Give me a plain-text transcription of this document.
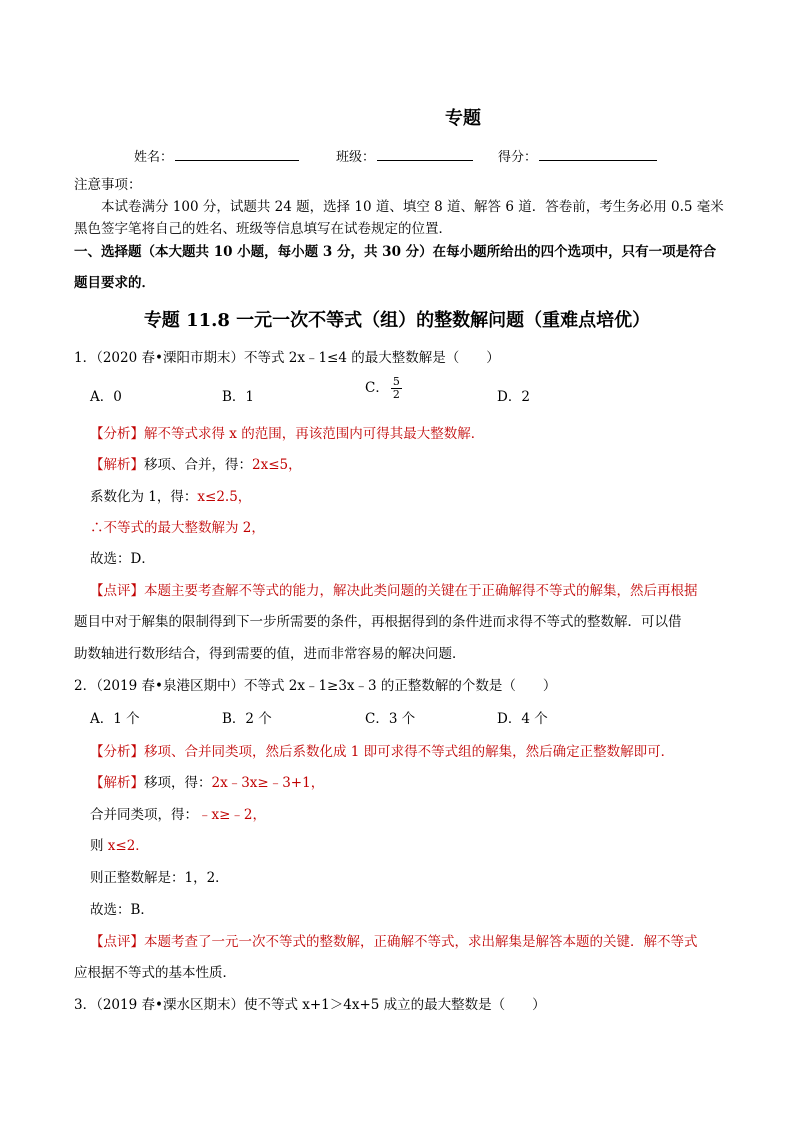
专题
姓名：	班级：	得分：
注意事项：
本试卷满分 100 分，试题共 24 题，选择 10 道、填空 8 道、解答 6 道．答卷前，考生务必用 0.5 毫米
黑色签字笔将自己的姓名、班级等信息填写在试卷规定的位置．
一、选择题（本大题共 10 小题，每小题 3 分，共 30 分）在每小题所给出的四个选项中，只有一项是符合
题目要求的．
专题 11.8 一元一次不等式（组）的整数解问题（重难点培优）
1．（2020 春•溧阳市期末）不等式 2x﹣1≤4 的最大整数解是（　　）
A．0	B．1
C． $\frac{5}{2}$	D．2
【分析】解不等式求得 x 的范围，再该范围内可得其最大整数解．
【解析】移项、合并，得：2x≤5，
系数化为 1，得：x≤2.5，
∴不等式的最大整数解为 2，
故选：D．
【点评】本题主要考查解不等式的能力，解决此类问题的关键在于正确解得不等式的解集，然后再根据
题目中对于解集的限制得到下一步所需要的条件，再根据得到的条件进而求得不等式的整数解．可以借
助数轴进行数形结合，得到需要的值，进而非常容易的解决问题．
2．（2019 春•泉港区期中）不等式 2x﹣1≥3x﹣3 的正整数解的个数是（　　）
A．1 个	B．2 个	C．3 个	D．4 个
【分析】移项、合并同类项，然后系数化成 1 即可求得不等式组的解集，然后确定正整数解即可．
【解析】移项，得：2x﹣3x≥﹣3+1，
合并同类项，得：﹣x≥﹣2，
则 x≤2．
则正整数解是：1，2．
故选：B．
【点评】本题考查了一元一次不等式的整数解，正确解不等式，求出解集是解答本题的关键．解不等式
应根据不等式的基本性质．
3．（2019 春•溧水区期末）使不等式 x+1＞4x+5 成立的最大整数是（　　）
